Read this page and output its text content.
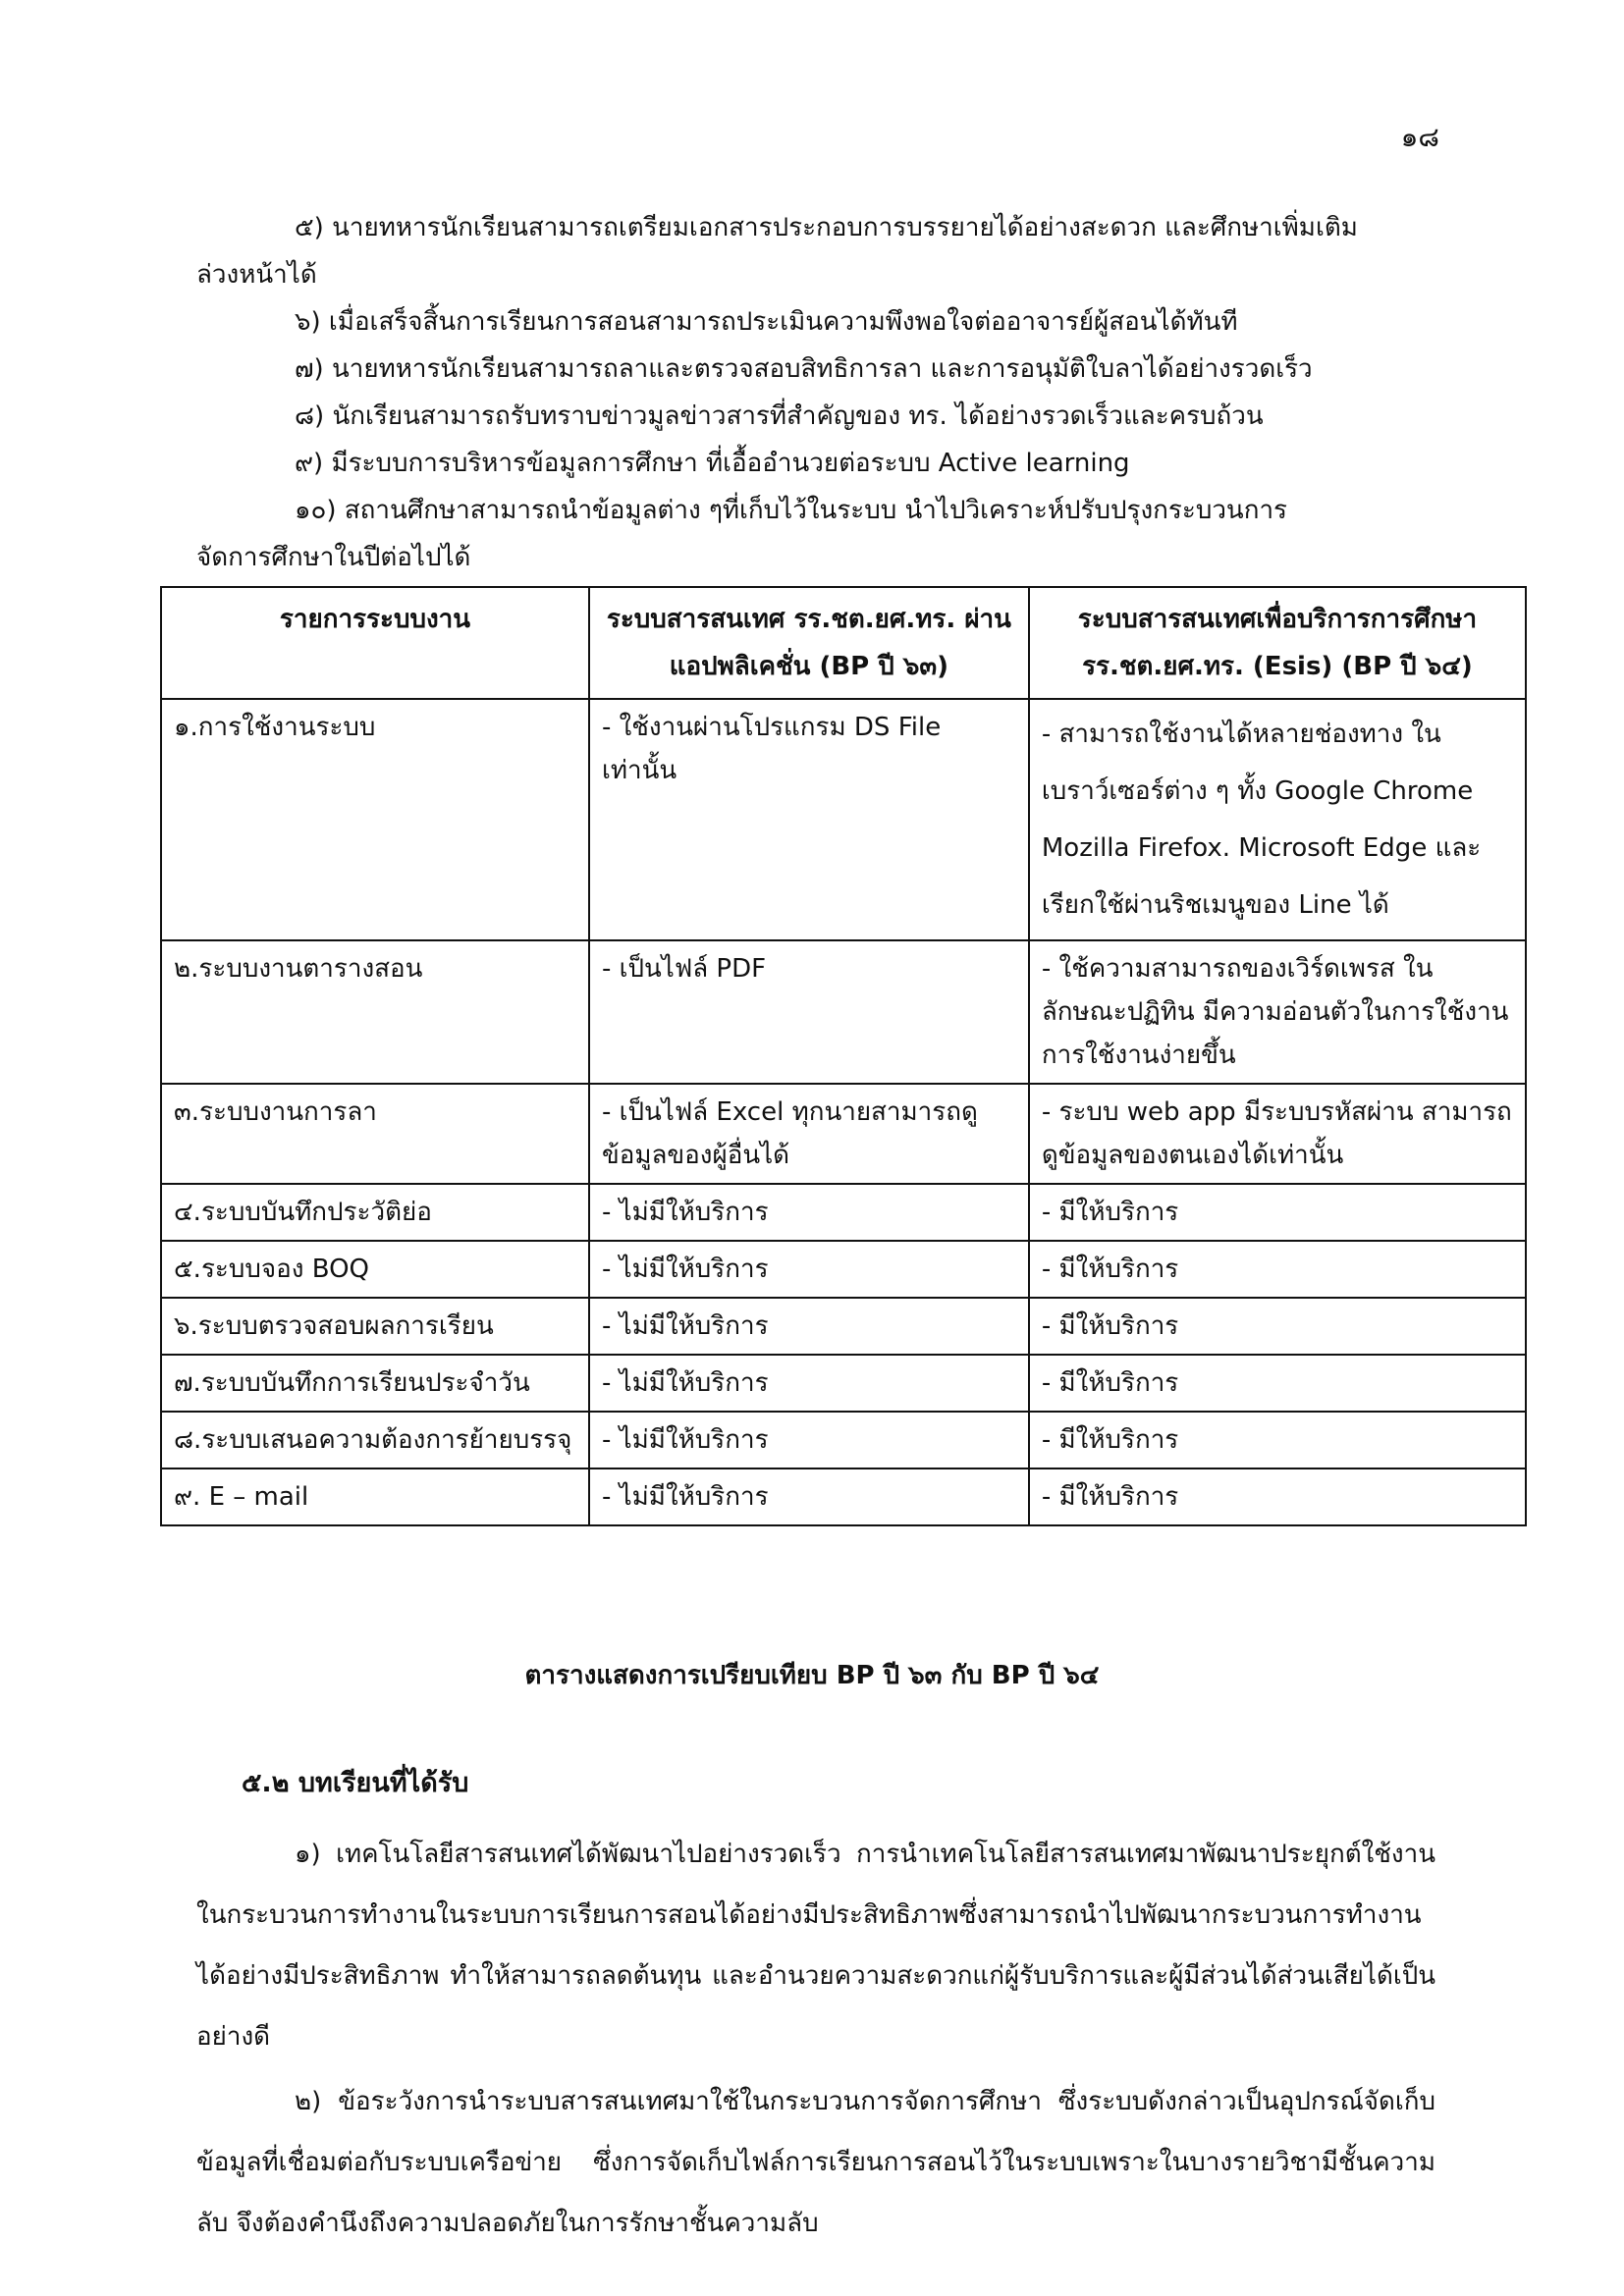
๑๘

๕) นายทหารนักเรียนสามารถเตรียมเอกสารประกอบการบรรยายได้อย่างสะดวก และศึกษาเพิ่มเติม

ล่วงหน้าได้

๖) เมื่อเสร็จสิ้นการเรียนการสอนสามารถประเมินความพึงพอใจต่ออาจารย์ผู้สอนได้ทันที

๗) นายทหารนักเรียนสามารถลาและตรวจสอบสิทธิการลา และการอนุมัติใบลาได้อย่างรวดเร็ว

๘) นักเรียนสามารถรับทราบข่าวมูลข่าวสารที่สำคัญของ ทร. ได้อย่างรวดเร็วและครบถ้วน

๙) มีระบบการบริหารข้อมูลการศึกษา ที่เอื้ออำนวยต่อระบบ Active learning

๑๐) สถานศึกษาสามารถนำข้อมูลต่าง ๆที่เก็บไว้ในระบบ นำไปวิเคราะห์ปรับปรุงกระบวนการ

จัดการศึกษาในปีต่อไปได้

รายการระบบงาน	ระบบสารสนเทศ รร.ชต.ยศ.ทร. ผ่านแอปพลิเคชั่น (BP ปี ๖๓)	ระบบสารสนเทศเพื่อบริการการศึกษา รร.ชต.ยศ.ทร. (Esis) (BP ปี ๖๔)
๑.การใช้งานระบบ	- ใช้งานผ่านโปรแกรม DS File เท่านั้น	- สามารถใช้งานได้หลายช่องทาง ในเบราว์เซอร์ต่าง ๆ ทั้ง Google Chrome Mozilla Firefox. Microsoft Edge และเรียกใช้ผ่านริชเมนูของ Line ได้
๒.ระบบงานตารางสอน	- เป็นไฟล์ PDF	- ใช้ความสามารถของเวิร์ดเพรส ในลักษณะปฏิทิน มีความอ่อนตัวในการใช้งาน การใช้งานง่ายขึ้น
๓.ระบบงานการลา	- เป็นไฟล์ Excel ทุกนายสามารถดูข้อมูลของผู้อื่นได้	- ระบบ web app มีระบบรหัสผ่าน สามารถดูข้อมูลของตนเองได้เท่านั้น
๔.ระบบบันทึกประวัติย่อ	- ไม่มีให้บริการ	- มีให้บริการ
๕.ระบบจอง BOQ	- ไม่มีให้บริการ	- มีให้บริการ
๖.ระบบตรวจสอบผลการเรียน	- ไม่มีให้บริการ	- มีให้บริการ
๗.ระบบบันทึกการเรียนประจำวัน	- ไม่มีให้บริการ	- มีให้บริการ
๘.ระบบเสนอความต้องการย้ายบรรจุ	- ไม่มีให้บริการ	- มีให้บริการ
๙. E – mail	- ไม่มีให้บริการ	- มีให้บริการ
ตารางแสดงการเปรียบเทียบ BP ปี ๖๓ กับ BP ปี ๖๔
๕.๒ บทเรียนที่ได้รับ

๑) เทคโนโลยีสารสนเทศได้พัฒนาไปอย่างรวดเร็ว การนำเทคโนโลยีสารสนเทศมาพัฒนาประยุกต์ใช้งานในกระบวนการทำงานในระบบการเรียนการสอนได้อย่างมีประสิทธิภาพซึ่งสามารถนำไปพัฒนากระบวนการทำงานได้อย่างมีประสิทธิภาพ ทำให้สามารถลดต้นทุน และอำนวยความสะดวกแก่ผู้รับบริการและผู้มีส่วนได้ส่วนเสียได้เป็นอย่างดี

๒) ข้อระวังการนำระบบสารสนเทศมาใช้ในกระบวนการจัดการศึกษา ซึ่งระบบดังกล่าวเป็นอุปกรณ์จัดเก็บข้อมูลที่เชื่อมต่อกับระบบเครือข่าย ซึ่งการจัดเก็บไฟล์การเรียนการสอนไว้ในระบบเพราะในบางรายวิชามีชั้นความลับ จึงต้องคำนึงถึงความปลอดภัยในการรักษาชั้นความลับ
